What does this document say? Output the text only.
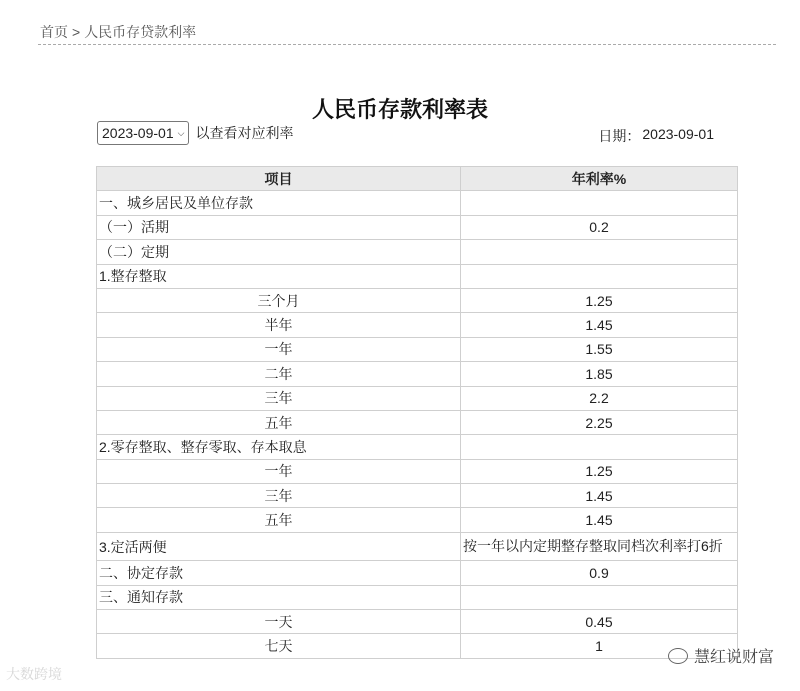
首页 > 人民币存贷款利率
人民币存款利率表
2023-09-01 ⌵ 以查看对应利率	日期： 2023-09-01
项目	年利率%
一、城乡居民及单位存款	
（一）活期	0.2
（二）定期	
1.整存整取	
三个月	1.25
半年	1.45
一年	1.55
二年	1.85
三年	2.2
五年	2.25
2.零存整取、整存零取、存本取息	
一年	1.25
三年	1.45
五年	1.45
3.定活两便	按一年以内定期整存整取同档次利率打6折
二、协定存款	0.9
三、通知存款	
一天	0.45
七天	1
大数跨境
慧红说财富
